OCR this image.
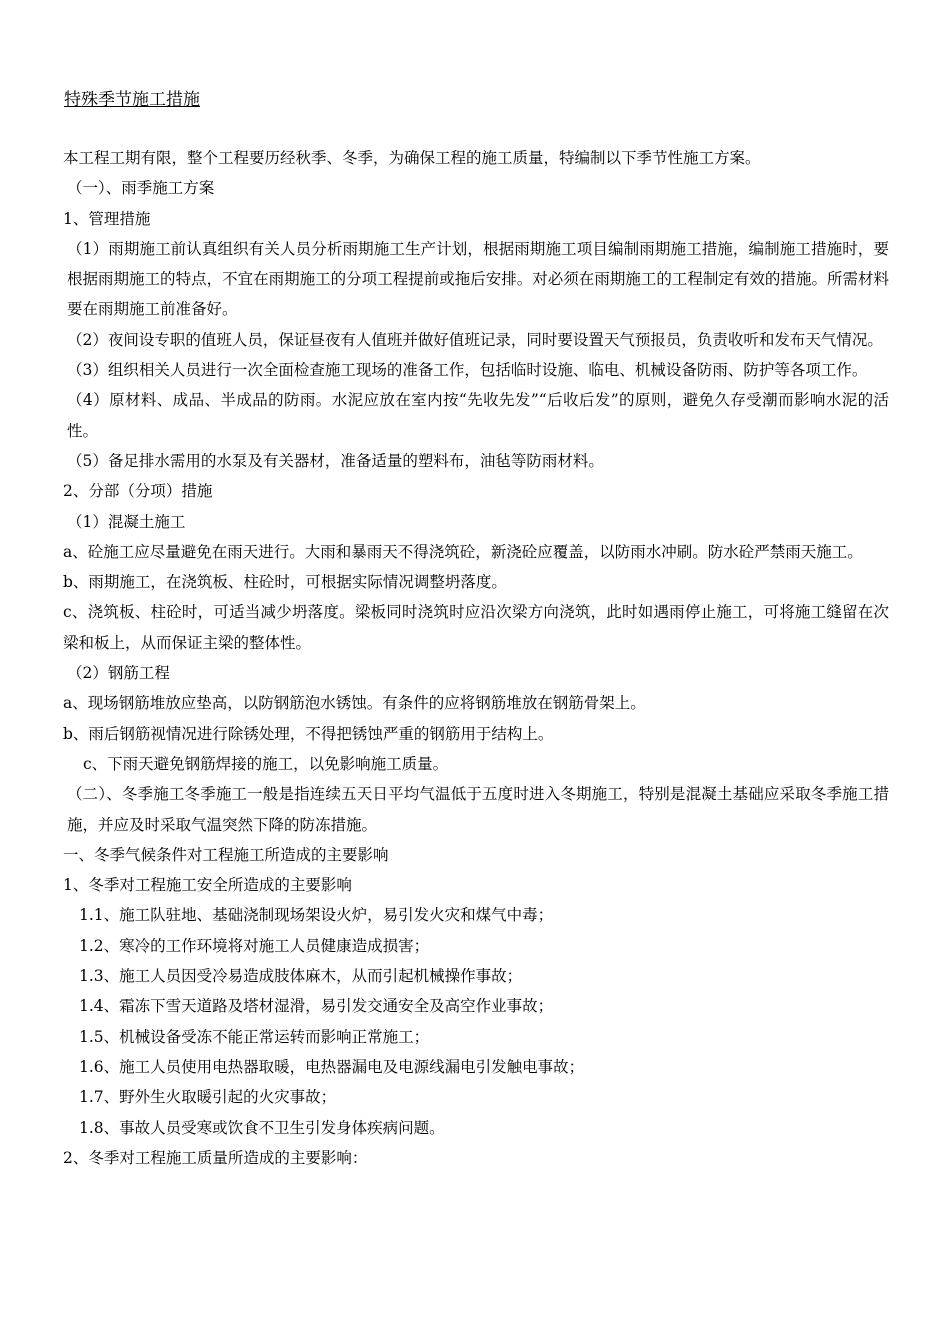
特殊季节施工措施

本工程工期有限，整个工程要历经秋季、冬季，为确保工程的施工质量，特编制以下季节性施工方案。

（一）、雨季施工方案

1、管理措施

（1）雨期施工前认真组织有关人员分析雨期施工生产计划，根据雨期施工项目编制雨期施工措施，编制施工措施时，要根据雨期施工的特点，不宜在雨期施工的分项工程提前或拖后安排。对必须在雨期施工的工程制定有效的措施。所需材料要在雨期施工前准备好。

（2）夜间设专职的值班人员，保证昼夜有人值班并做好值班记录，同时要设置天气预报员，负责收听和发布天气情况。

（3）组织相关人员进行一次全面检查施工现场的准备工作，包括临时设施、临电、机械设备防雨、防护等各项工作。

（4）原材料、成品、半成品的防雨。水泥应放在室内按“先收先发”“后收后发”的原则，避免久存受潮而影响水泥的活性。

（5）备足排水需用的水泵及有关器材，准备适量的塑料布，油毡等防雨材料。

2、分部（分项）措施

（1）混凝土施工

a、砼施工应尽量避免在雨天进行。大雨和暴雨天不得浇筑砼，新浇砼应覆盖，以防雨水冲刷。防水砼严禁雨天施工。

b、雨期施工，在浇筑板、柱砼时，可根据实际情况调整坍落度。

c、浇筑板、柱砼时，可适当减少坍落度。梁板同时浇筑时应沿次梁方向浇筑，此时如遇雨停止施工，可将施工缝留在次梁和板上，从而保证主梁的整体性。

（2）钢筋工程

a、现场钢筋堆放应垫高，以防钢筋泡水锈蚀。有条件的应将钢筋堆放在钢筋骨架上。

b、雨后钢筋视情况进行除锈处理，不得把锈蚀严重的钢筋用于结构上。

c、下雨天避免钢筋焊接的施工，以免影响施工质量。

（二）、冬季施工冬季施工一般是指连续五天日平均气温低于五度时进入冬期施工，特别是混凝土基础应采取冬季施工措施，并应及时采取气温突然下降的防冻措施。

一、冬季气候条件对工程施工所造成的主要影响

1、冬季对工程施工安全所造成的主要影响

1.1、施工队驻地、基础浇制现场架设火炉，易引发火灾和煤气中毒；

1.2、寒冷的工作环境将对施工人员健康造成损害；

1.3、施工人员因受冷易造成肢体麻木，从而引起机械操作事故；

1.4、霜冻下雪天道路及塔材湿滑，易引发交通安全及高空作业事故；

1.5、机械设备受冻不能正常运转而影响正常施工；

1.6、施工人员使用电热器取暖，电热器漏电及电源线漏电引发触电事故；

1.7、野外生火取暖引起的火灾事故；

1.8、事故人员受寒或饮食不卫生引发身体疾病问题。

2、冬季对工程施工质量所造成的主要影响：
